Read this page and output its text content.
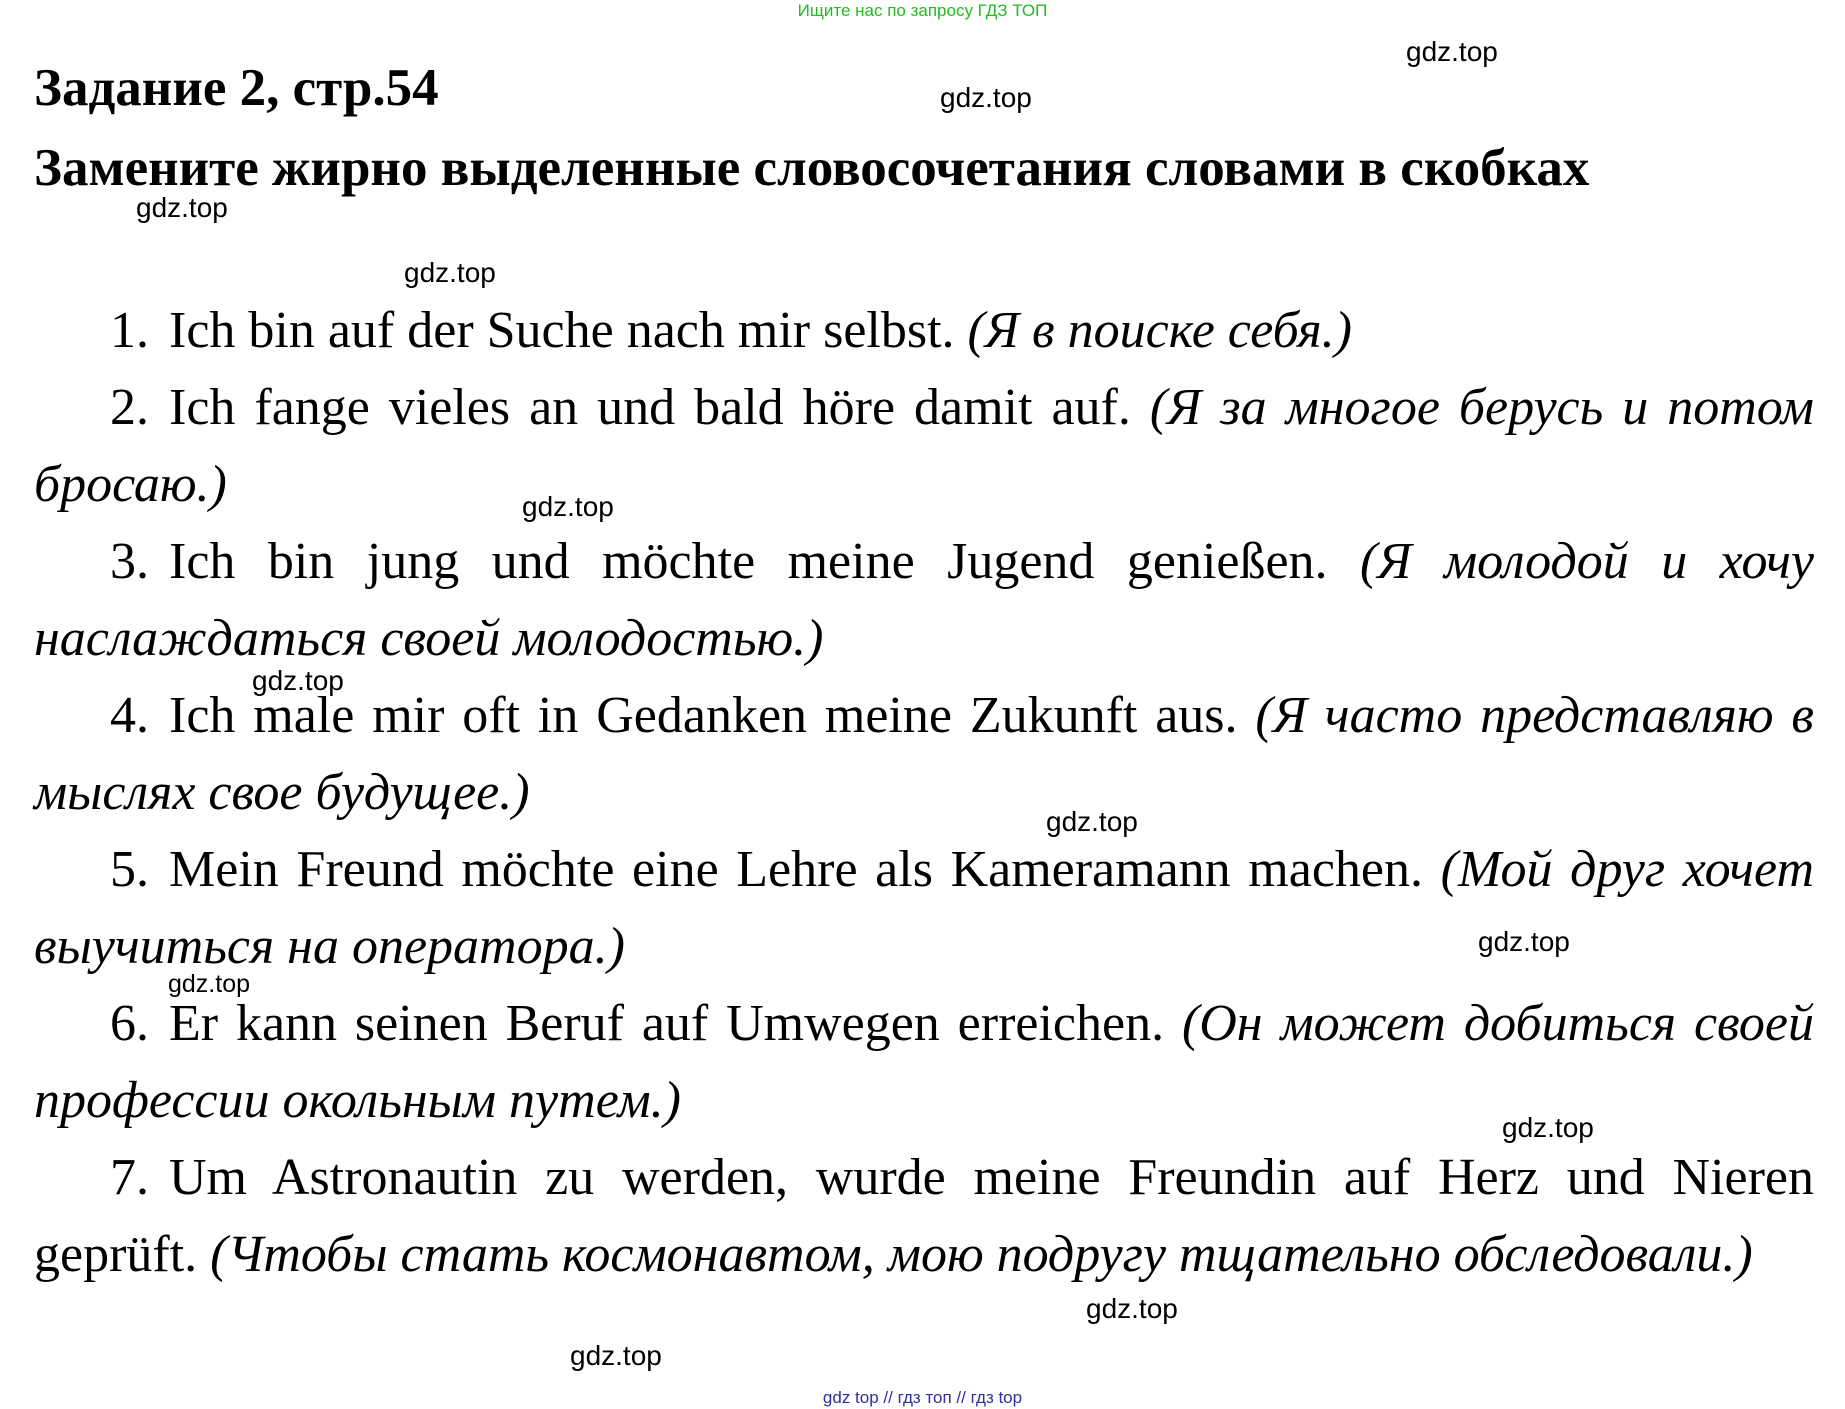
Ищите нас по запросу ГДЗ ТОП
Задание 2, стр.54
Замените жирно выделенные словосочетания словами в скобках

1. Ich bin auf der Suche nach mir selbst. (Я в поиске себя.)

2. Ich fange vieles an und bald höre damit auf. (Я за многое берусь и потом бросаю.)

3. Ich bin jung und möchte meine Jugend genießen. (Я молодой и хочу наслаждаться своей молодостью.)

4. Ich male mir oft in Gedanken meine Zukunft aus. (Я часто представляю в мыслях свое будущее.)

5. Mein Freund möchte eine Lehre als Kameramann machen. (Мой друг хочет выучиться на оператора.)

6. Er kann seinen Beruf auf Umwegen erreichen. (Он может добиться своей профессии окольным путем.)

7. Um Astronautin zu werden, wurde meine Freundin auf Herz und Nieren geprüft. (Чтобы стать космонавтом, мою подругу тщательно обследовали.)

gdz.top
gdz.top
gdz.top
gdz.top
gdz.top
gdz.top
gdz.top
gdz.top
gdz.top
gdz.top
gdz.top
gdz.top
gdz top // гдз топ // гдз top
